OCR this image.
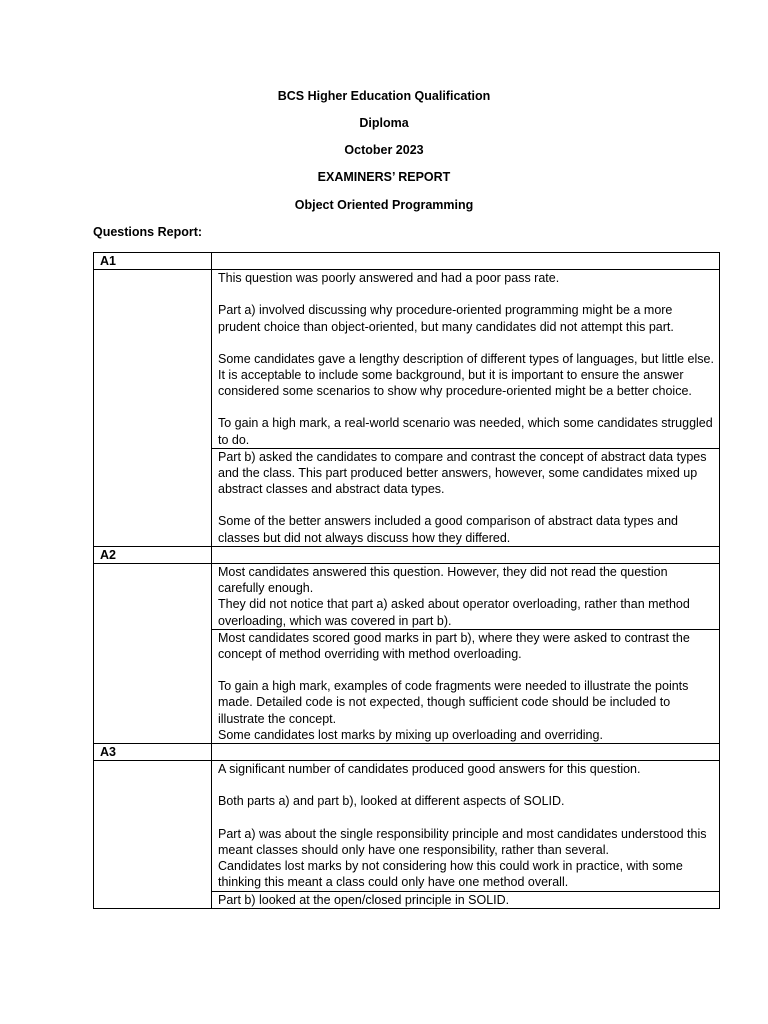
BCS Higher Education Qualification
Diploma
October 2023
EXAMINERS’ REPORT
Object Oriented Programming
Questions Report:
A1	

	This question was poorly answered and had a poor pass rate.

Part a) involved discussing why procedure-oriented programming might be a more prudent choice than object-oriented, but many candidates did not attempt this part.

Some candidates gave a lengthy description of different types of languages, but little else. It is acceptable to include some background, but it is important to ensure the answer considered some scenarios to show why procedure-oriented might be a better choice.

To gain a high mark, a real-world scenario was needed, which some candidates struggled to do.

	Part b) asked the candidates to compare and contrast the concept of abstract data types and the class. This part produced better answers, however, some candidates mixed up abstract classes and abstract data types.

Some of the better answers included a good comparison of abstract data types and classes but did not always discuss how they differed.

A2	

	Most candidates answered this question. However, they did not read the question carefully enough.

They did not notice that part a) asked about operator overloading, rather than method overloading, which was covered in part b).

	Most candidates scored good marks in part b), where they were asked to contrast the concept of method overriding with method overloading.

To gain a high mark, examples of code fragments were needed to illustrate the points made. Detailed code is not expected, though sufficient code should be included to illustrate the concept.

Some candidates lost marks by mixing up overloading and overriding.

A3	

	A significant number of candidates produced good answers for this question.

Both parts a) and part b), looked at different aspects of SOLID.

Part a) was about the single responsibility principle and most candidates understood this meant classes should only have one responsibility, rather than several.

Candidates lost marks by not considering how this could work in practice, with some thinking this meant a class could only have one method overall.

	Part b) looked at the open/closed principle in SOLID.
